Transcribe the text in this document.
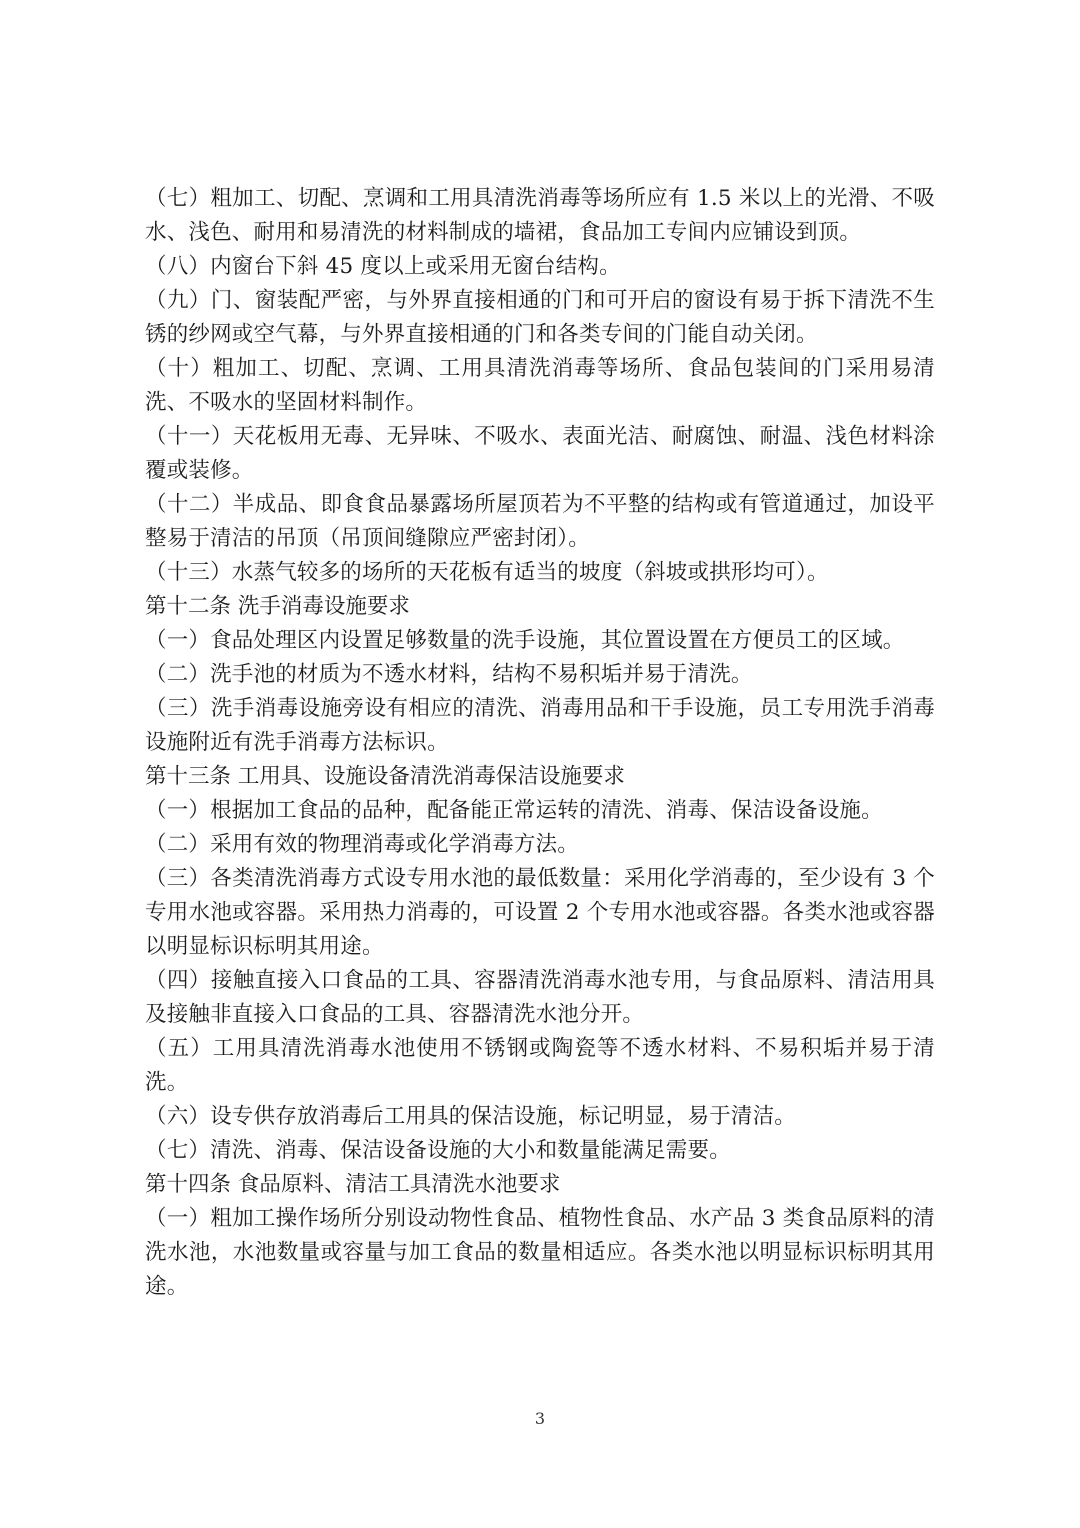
（七）粗加工、切配、烹调和工用具清洗消毒等场所应有 1.5 米以上的光滑、不吸水、浅色、耐用和易清洗的材料制成的墙裙，食品加工专间内应铺设到顶。

（八）内窗台下斜 45 度以上或采用无窗台结构。

（九）门、窗装配严密，与外界直接相通的门和可开启的窗设有易于拆下清洗不生锈的纱网或空气幕，与外界直接相通的门和各类专间的门能自动关闭。

（十）粗加工、切配、烹调、工用具清洗消毒等场所、食品包装间的门采用易清洗、不吸水的坚固材料制作。

（十一）天花板用无毒、无异味、不吸水、表面光洁、耐腐蚀、耐温、浅色材料涂覆或装修。

（十二）半成品、即食食品暴露场所屋顶若为不平整的结构或有管道通过，加设平整易于清洁的吊顶（吊顶间缝隙应严密封闭）。

（十三）水蒸气较多的场所的天花板有适当的坡度（斜坡或拱形均可）。

第十二条 洗手消毒设施要求

（一）食品处理区内设置足够数量的洗手设施，其位置设置在方便员工的区域。

（二）洗手池的材质为不透水材料，结构不易积垢并易于清洗。

（三）洗手消毒设施旁设有相应的清洗、消毒用品和干手设施，员工专用洗手消毒设施附近有洗手消毒方法标识。

第十三条 工用具、设施设备清洗消毒保洁设施要求

（一）根据加工食品的品种，配备能正常运转的清洗、消毒、保洁设备设施。

（二）采用有效的物理消毒或化学消毒方法。

（三）各类清洗消毒方式设专用水池的最低数量：采用化学消毒的，至少设有 3 个专用水池或容器。采用热力消毒的，可设置 2 个专用水池或容器。各类水池或容器以明显标识标明其用途。

（四）接触直接入口食品的工具、容器清洗消毒水池专用，与食品原料、清洁用具及接触非直接入口食品的工具、容器清洗水池分开。

（五）工用具清洗消毒水池使用不锈钢或陶瓷等不透水材料、不易积垢并易于清洗。

（六）设专供存放消毒后工用具的保洁设施，标记明显，易于清洁。

（七）清洗、消毒、保洁设备设施的大小和数量能满足需要。

第十四条 食品原料、清洁工具清洗水池要求

（一）粗加工操作场所分别设动物性食品、植物性食品、水产品 3 类食品原料的清洗水池，水池数量或容量与加工食品的数量相适应。各类水池以明显标识标明其用途。

3
